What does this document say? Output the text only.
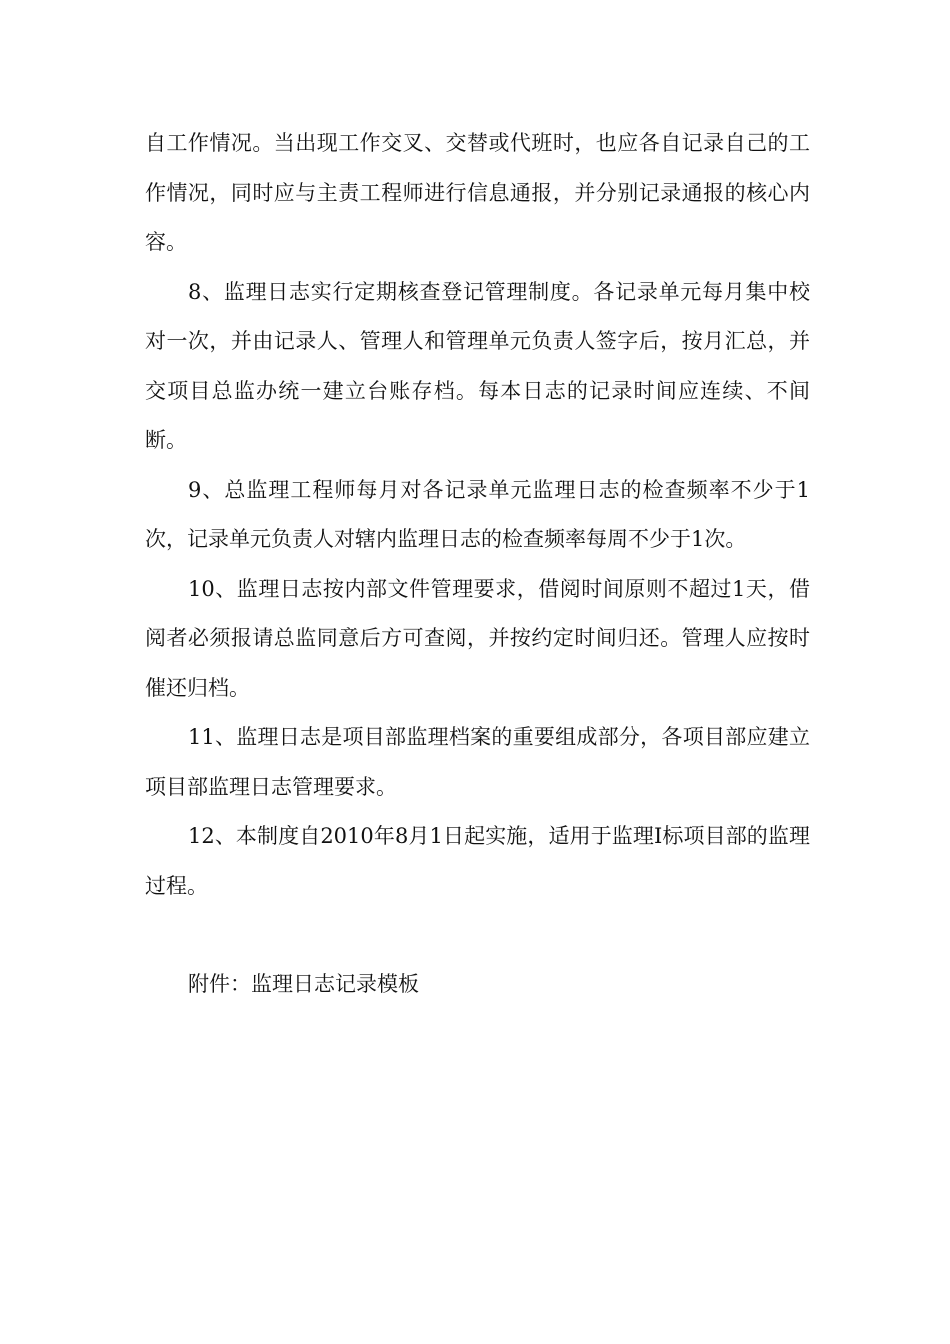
自工作情况。当出现工作交叉、交替或代班时，也应各自记录自己的工作情况，同时应与主责工程师进行信息通报，并分别记录通报的核心内容。

8、监理日志实行定期核查登记管理制度。各记录单元每月集中校对一次，并由记录人、管理人和管理单元负责人签字后，按月汇总，并交项目总监办统一建立台账存档。每本日志的记录时间应连续、不间断。

9、总监理工程师每月对各记录单元监理日志的检查频率不少于1次，记录单元负责人对辖内监理日志的检查频率每周不少于1次。

10、监理日志按内部文件管理要求，借阅时间原则不超过1天，借阅者必须报请总监同意后方可查阅，并按约定时间归还。管理人应按时催还归档。

11、监理日志是项目部监理档案的重要组成部分，各项目部应建立项目部监理日志管理要求。

12、本制度自2010年8月1日起实施，适用于监理Ⅰ标项目部的监理过程。

附件：监理日志记录模板
